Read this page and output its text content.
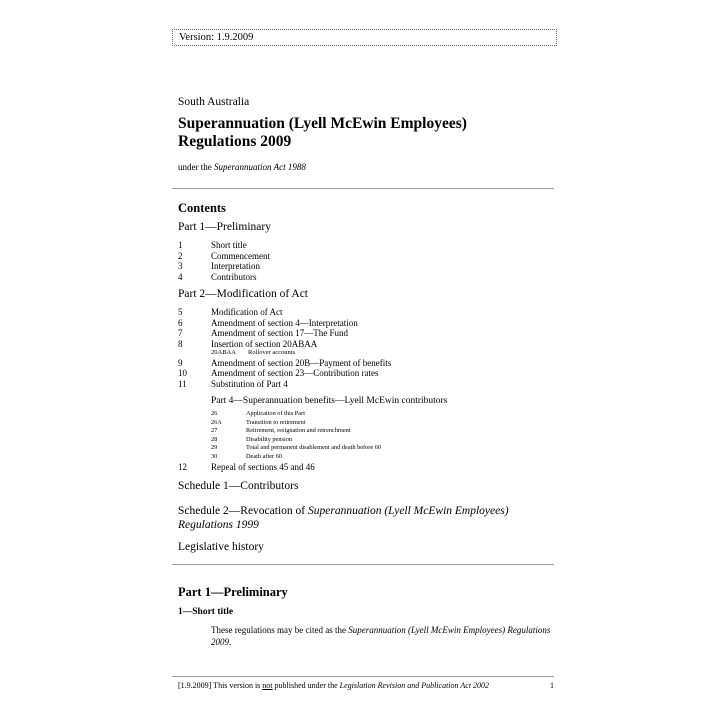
Version: 1.9.2009
South Australia
Superannuation (Lyell McEwin Employees)
Regulations 2009
under the Superannuation Act 1988
Contents
Part 1—Preliminary
1	Short title
2	Commencement
3	Interpretation
4	Contributors
Part 2—Modification of Act
5	Modification of Act
6	Amendment of section 4—Interpretation
7	Amendment of section 17—The Fund
8	Insertion of section 20ABAA
20ABAA Rollover accounts
9	Amendment of section 20B—Payment of benefits
10	Amendment of section 23—Contribution rates
11	Substitution of Part 4
Part 4—Superannuation benefits—Lyell McEwin contributors
26	Application of this Part
26A	Transition to retirement
27	Retirement, resignation and retrenchment
28	Disability pension
29	Total and permanent disablement and death before 60
30	Death after 60
12	Repeal of sections 45 and 46
Schedule 1—Contributors
Schedule 2—Revocation of Superannuation (Lyell McEwin Employees)
Regulations 1999
Legislative history
Part 1—Preliminary
1—Short title
These regulations may be cited as the Superannuation (Lyell McEwin Employees) Regulations 2009.
[1.9.2009] This version is not published under the Legislation Revision and Publication Act 2002	1
